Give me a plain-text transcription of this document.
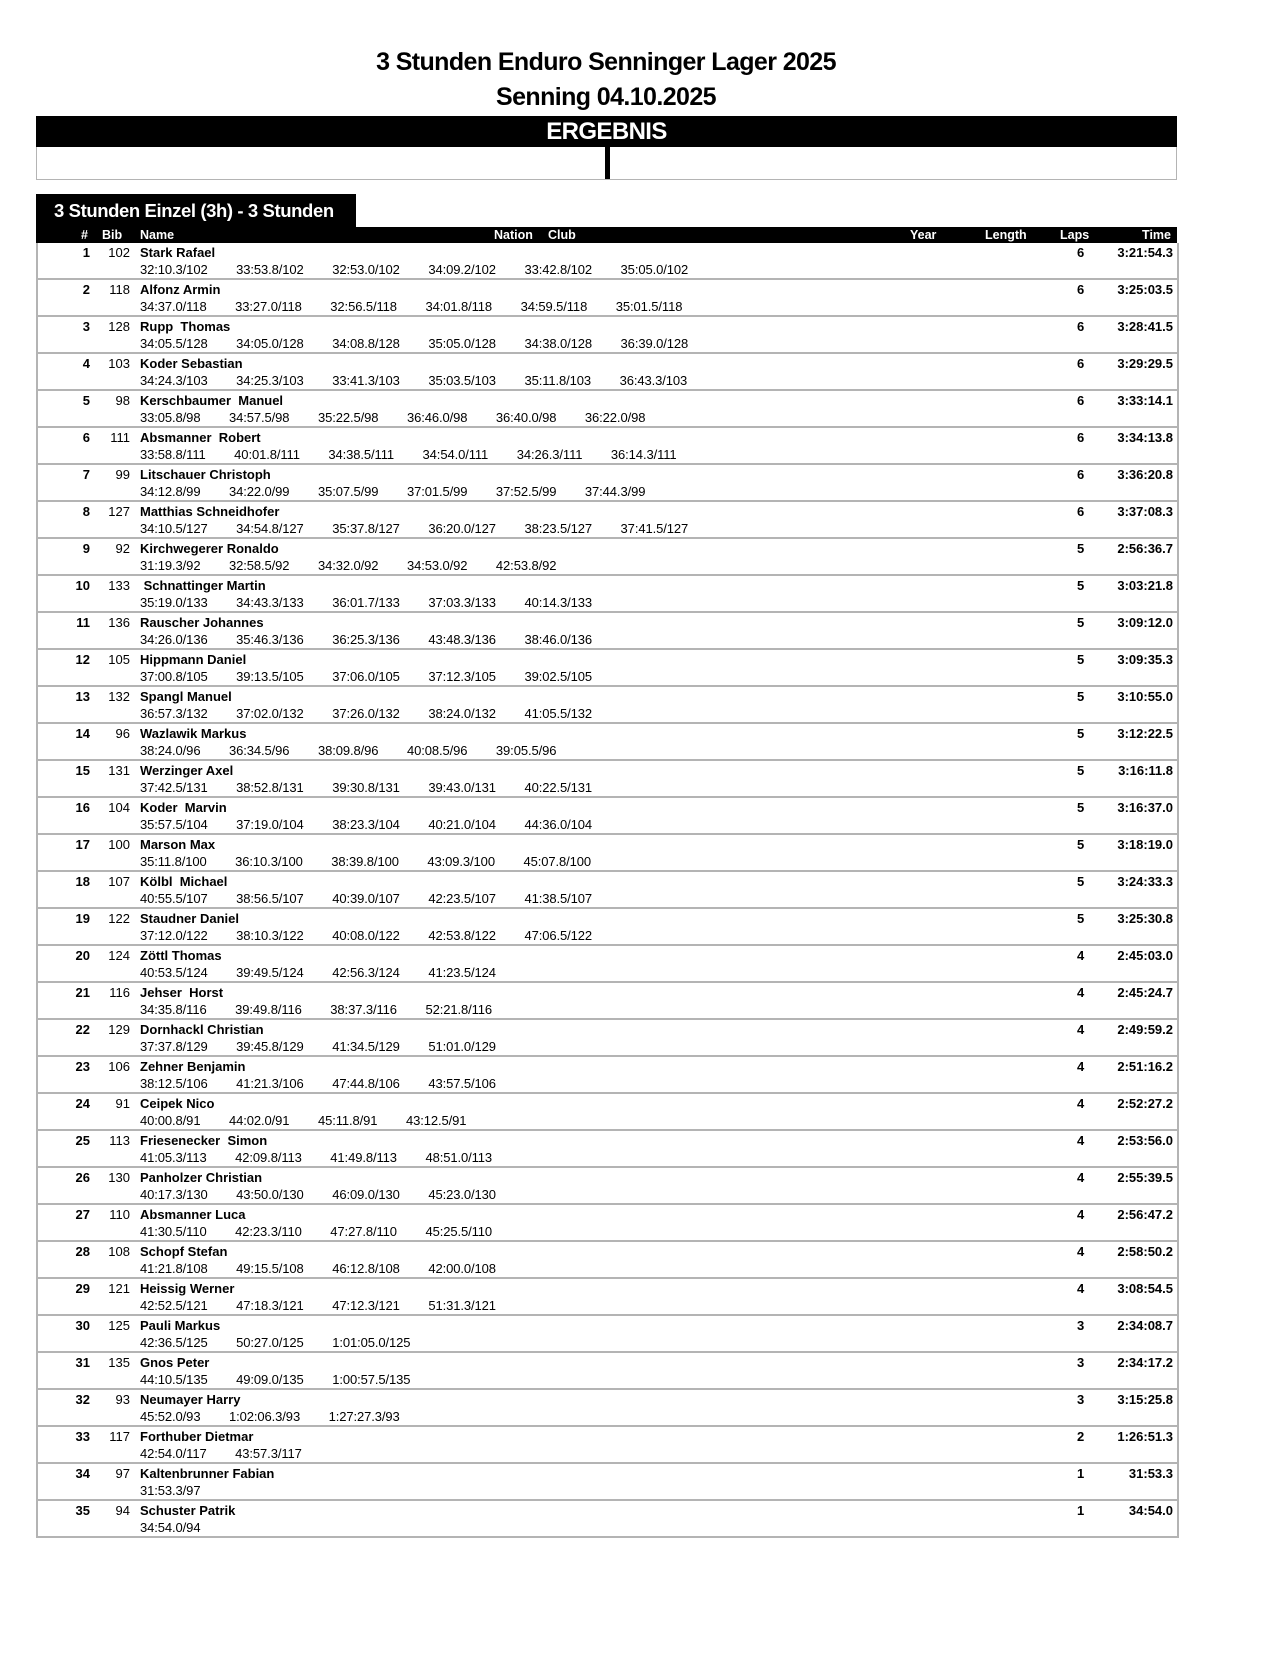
3 Stunden Enduro Senninger Lager 2025
Senning 04.10.2025
ERGEBNIS
3 Stunden Einzel (3h) - 3 Stunden
# Bib Name	Nation Club	Year	Length	Laps	Time
1 102 Stark Rafael	6	3:21:54.3
32:10.3/102   33:53.8/102   32:53.0/102   34:09.2/102   33:42.8/102   35:05.0/102
2 118 Alfonz Armin	6	3:25:03.5
34:37.0/118   33:27.0/118   32:56.5/118   34:01.8/118   34:59.5/118   35:01.5/118
3 128 Rupp  Thomas	6	3:28:41.5
34:05.5/128   34:05.0/128   34:08.8/128   35:05.0/128   34:38.0/128   36:39.0/128
4 103 Koder Sebastian	6	3:29:29.5
34:24.3/103   34:25.3/103   33:41.3/103   35:03.5/103   35:11.8/103   36:43.3/103
5 98 Kerschbaumer  Manuel	6	3:33:14.1
33:05.8/98   34:57.5/98   35:22.5/98   36:46.0/98   36:40.0/98   36:22.0/98
6 111 Absmanner  Robert	6	3:34:13.8
33:58.8/111   40:01.8/111   34:38.5/111   34:54.0/111   34:26.3/111   36:14.3/111
7 99 Litschauer Christoph	6	3:36:20.8
34:12.8/99   34:22.0/99   35:07.5/99   37:01.5/99   37:52.5/99   37:44.3/99
8 127 Matthias Schneidhofer	6	3:37:08.3
34:10.5/127   34:54.8/127   35:37.8/127   36:20.0/127   38:23.5/127   37:41.5/127
9 92 Kirchwegerer Ronaldo	5	2:56:36.7
31:19.3/92   32:58.5/92   34:32.0/92   34:53.0/92   42:53.8/92
10 133 Schnattinger Martin	5	3:03:21.8
35:19.0/133   34:43.3/133   36:01.7/133   37:03.3/133   40:14.3/133
11 136 Rauscher Johannes	5	3:09:12.0
34:26.0/136   35:46.3/136   36:25.3/136   43:48.3/136   38:46.0/136
12 105 Hippmann Daniel	5	3:09:35.3
37:00.8/105   39:13.5/105   37:06.0/105   37:12.3/105   39:02.5/105
13 132 Spangl Manuel	5	3:10:55.0
36:57.3/132   37:02.0/132   37:26.0/132   38:24.0/132   41:05.5/132
14 96 Wazlawik Markus	5	3:12:22.5
38:24.0/96   36:34.5/96   38:09.8/96   40:08.5/96   39:05.5/96
15 131 Werzinger Axel	5	3:16:11.8
37:42.5/131   38:52.8/131   39:30.8/131   39:43.0/131   40:22.5/131
16 104 Koder  Marvin	5	3:16:37.0
35:57.5/104   37:19.0/104   38:23.3/104   40:21.0/104   44:36.0/104
17 100 Marson Max	5	3:18:19.0
35:11.8/100   36:10.3/100   38:39.8/100   43:09.3/100   45:07.8/100
18 107 Kölbl  Michael	5	3:24:33.3
40:55.5/107   38:56.5/107   40:39.0/107   42:23.5/107   41:38.5/107
19 122 Staudner Daniel	5	3:25:30.8
37:12.0/122   38:10.3/122   40:08.0/122   42:53.8/122   47:06.5/122
20 124 Zöttl Thomas	4	2:45:03.0
40:53.5/124   39:49.5/124   42:56.3/124   41:23.5/124
21 116 Jehser  Horst	4	2:45:24.7
34:35.8/116   39:49.8/116   38:37.3/116   52:21.8/116
22 129 Dornhackl Christian	4	2:49:59.2
37:37.8/129   39:45.8/129   41:34.5/129   51:01.0/129
23 106 Zehner Benjamin	4	2:51:16.2
38:12.5/106   41:21.3/106   47:44.8/106   43:57.5/106
24 91 Ceipek Nico	4	2:52:27.2
40:00.8/91   44:02.0/91   45:11.8/91   43:12.5/91
25 113 Friesenecker  Simon	4	2:53:56.0
41:05.3/113   42:09.8/113   41:49.8/113   48:51.0/113
26 130 Panholzer Christian	4	2:55:39.5
40:17.3/130   43:50.0/130   46:09.0/130   45:23.0/130
27 110 Absmanner Luca	4	2:56:47.2
41:30.5/110   42:23.3/110   47:27.8/110   45:25.5/110
28 108 Schopf Stefan	4	2:58:50.2
41:21.8/108   49:15.5/108   46:12.8/108   42:00.0/108
29 121 Heissig Werner	4	3:08:54.5
42:52.5/121   47:18.3/121   47:12.3/121   51:31.3/121
30 125 Pauli Markus	3	2:34:08.7
42:36.5/125   50:27.0/125   1:01:05.0/125
31 135 Gnos Peter	3	2:34:17.2
44:10.5/135   49:09.0/135   1:00:57.5/135
32 93 Neumayer Harry	3	3:15:25.8
45:52.0/93   1:02:06.3/93   1:27:27.3/93
33 117 Forthuber Dietmar	2	1:26:51.3
42:54.0/117   43:57.3/117
34 97 Kaltenbrunner Fabian	1	31:53.3
31:53.3/97
35 94 Schuster Patrik	1	34:54.0
34:54.0/94
